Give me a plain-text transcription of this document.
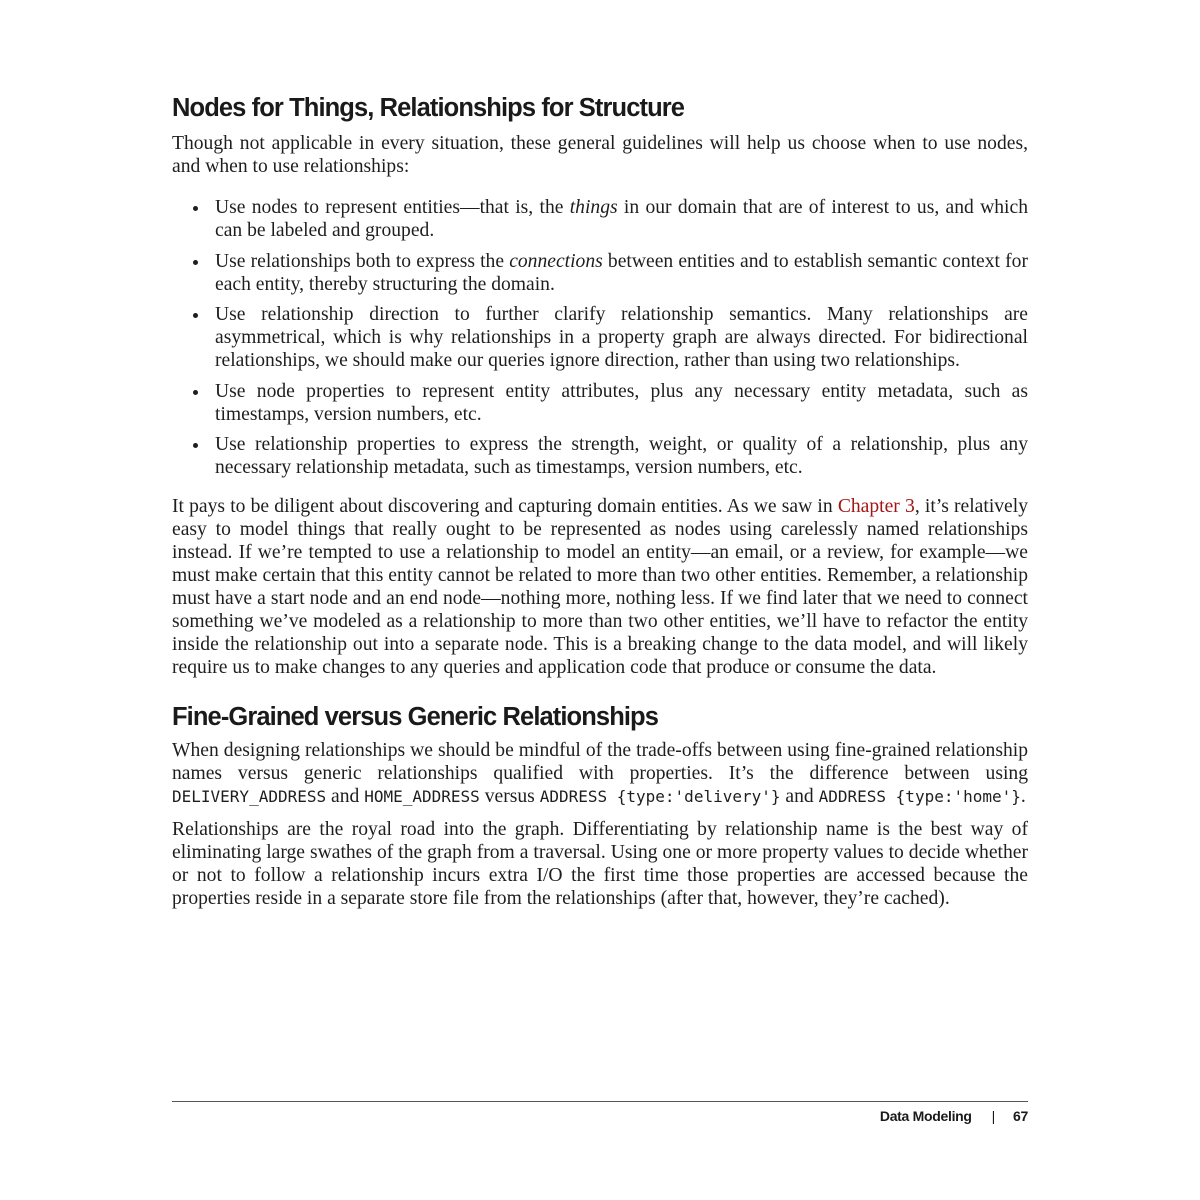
Nodes for Things, Relationships for Structure

Though not applicable in every situation, these general guidelines will help us choose when to use nodes, and when to use relationships:

Use nodes to represent entities—that is, the things in our domain that are of interest to us, and which can be labeled and grouped.
Use relationships both to express the connections between entities and to establish semantic context for each entity, thereby structuring the domain.
Use relationship direction to further clarify relationship semantics. Many relationships are asymmetrical, which is why relationships in a property graph are always directed. For bidirectional relationships, we should make our queries ignore direction, rather than using two relationships.
Use node properties to represent entity attributes, plus any necessary entity metadata, such as timestamps, version numbers, etc.
Use relationship properties to express the strength, weight, or quality of a relationship, plus any necessary relationship metadata, such as timestamps, version numbers, etc.

It pays to be diligent about discovering and capturing domain entities. As we saw in Chapter 3, it’s relatively easy to model things that really ought to be represented as nodes using carelessly named relationships instead. If we’re tempted to use a relationship to model an entity—an email, or a review, for example—we must make certain that this entity cannot be related to more than two other entities. Remember, a relationship must have a start node and an end node—nothing more, nothing less. If we find later that we need to connect something we’ve modeled as a relationship to more than two other entities, we’ll have to refactor the entity inside the relationship out into a separate node. This is a breaking change to the data model, and will likely require us to make changes to any queries and application code that produce or consume the data.

Fine-Grained versus Generic Relationships

When designing relationships we should be mindful of the trade-offs between using fine-grained relationship names versus generic relationships qualified with properties. It’s the difference between using DELIVERY_ADDRESS and HOME_ADDRESS versus ADDRESS {type:'delivery'} and ADDRESS {type:'home'}.

Relationships are the royal road into the graph. Differentiating by relationship name is the best way of eliminating large swathes of the graph from a traversal. Using one or more property values to decide whether or not to follow a relationship incurs extra I/O the first time those properties are accessed because the properties reside in a separate store file from the relationships (after that, however, they’re cached).

Data Modeling | 67
